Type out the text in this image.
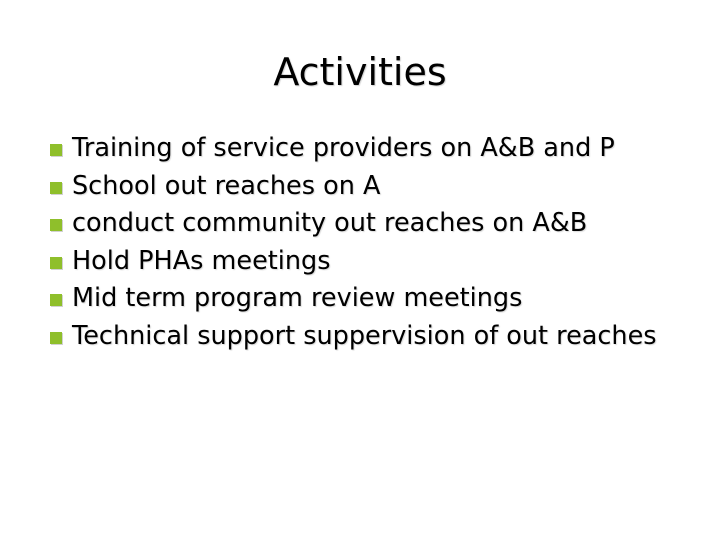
Activities
Training of service providers on A&B and P
School out reaches on A
conduct community out reaches on A&B
Hold PHAs meetings
Mid term program review meetings
Technical support suppervision of out reaches
